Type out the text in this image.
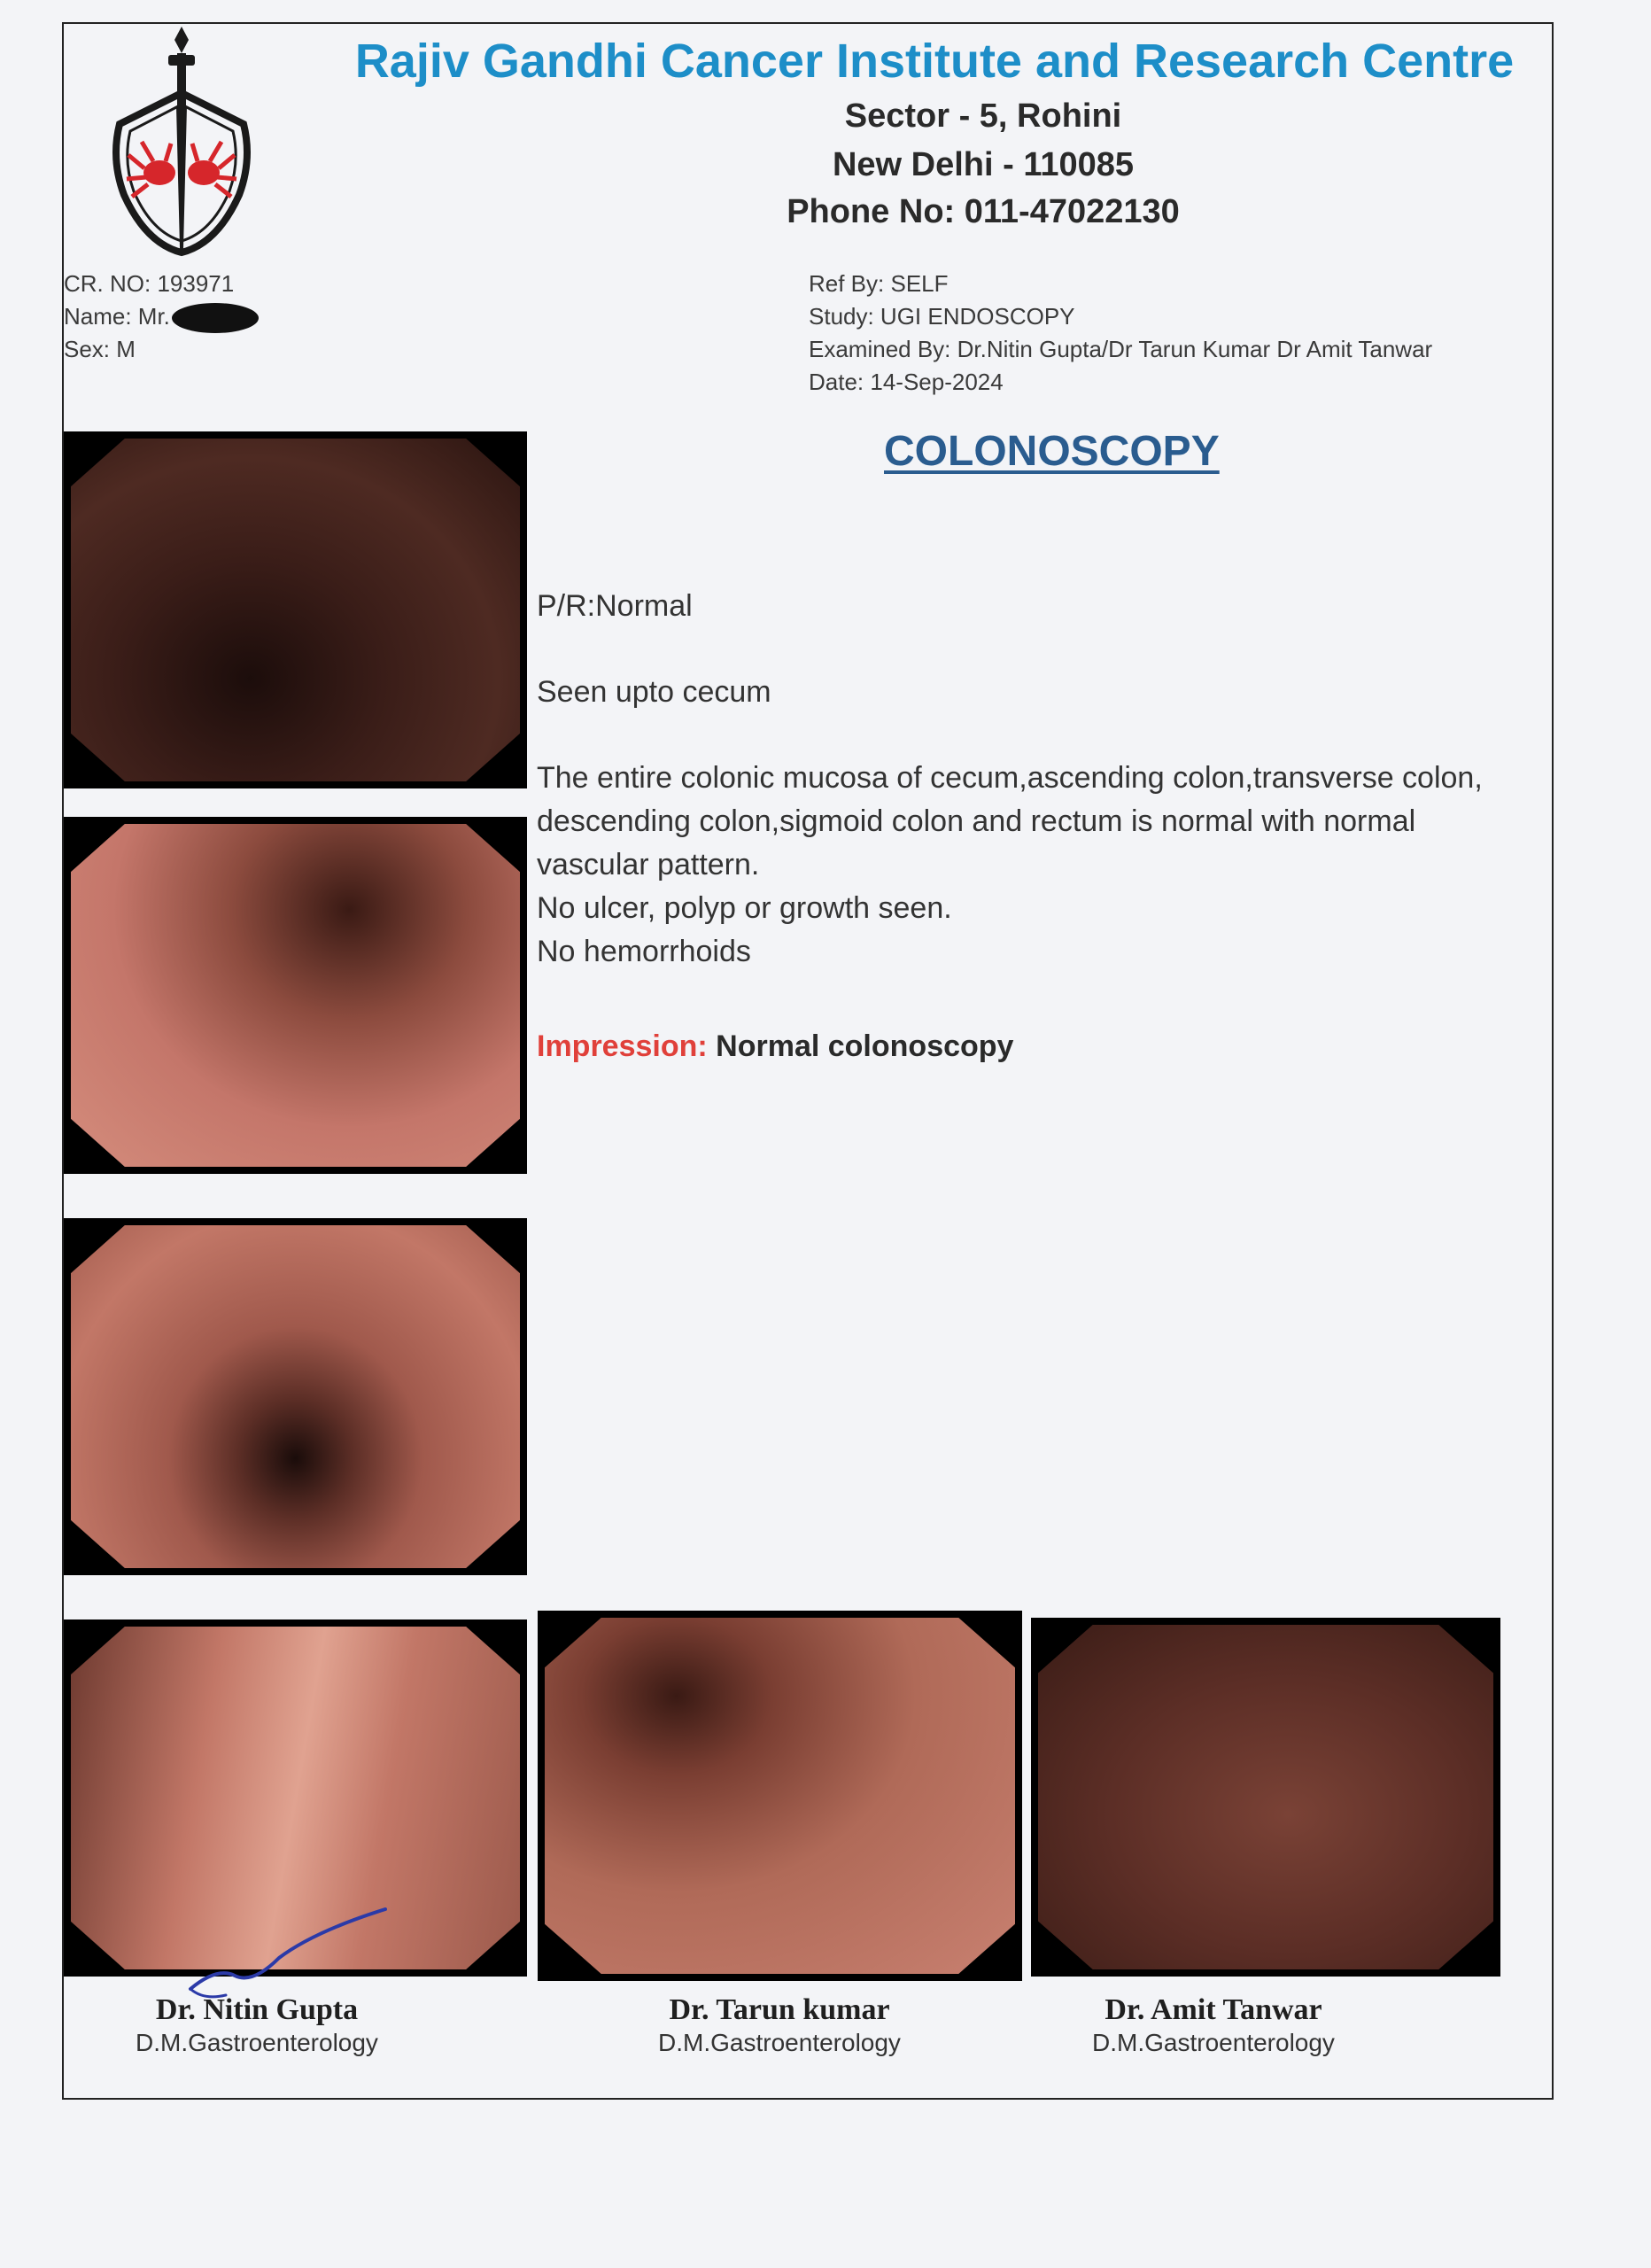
Rajiv Gandhi Cancer Institute and Research Centre
Sector - 5, Rohini
New Delhi - 110085
Phone No: 011-47022130
CR. NO: 193971
Name: Mr.
Sex: M
Ref By: SELF
Study: UGI ENDOSCOPY
Examined By: Dr.Nitin Gupta/Dr Tarun Kumar Dr Amit Tanwar
Date: 14-Sep-2024
COLONOSCOPY

P/R:Normal

Seen upto cecum

The entire colonic mucosa of cecum,ascending colon,transverse colon, descending colon,sigmoid colon and rectum is normal with normal vascular pattern.

No ulcer, polyp or growth seen.

No hemorrhoids

Impression: Normal colonoscopy

Dr. Nitin Gupta
D.M.Gastroenterology
Dr. Tarun kumar
D.M.Gastroenterology
Dr. Amit Tanwar
D.M.Gastroenterology
